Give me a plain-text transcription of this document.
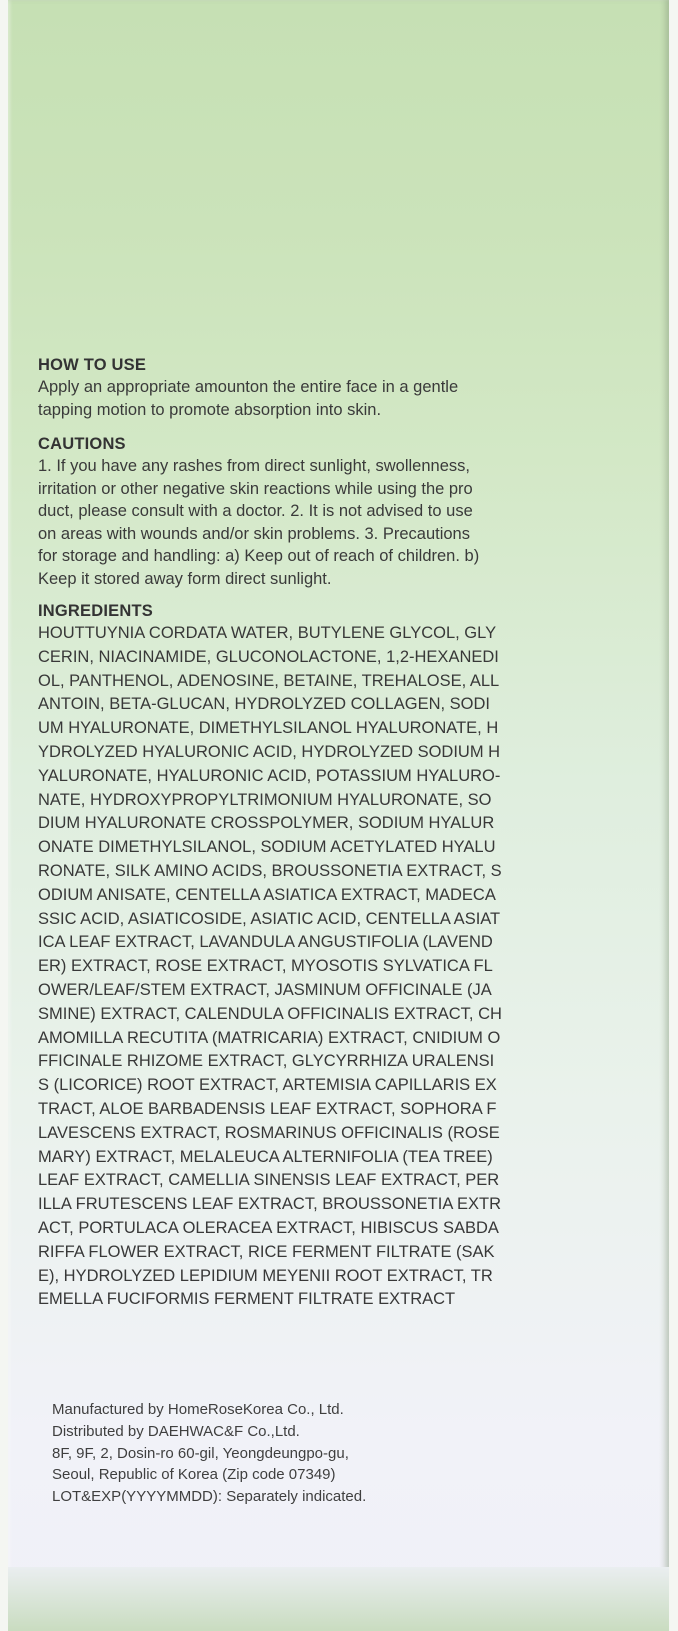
HOW TO USE

Apply an appropriate amounton the entire face in a gentle

tapping motion to promote absorption into skin.

CAUTIONS

1. If you have any rashes from direct sunlight, swollenness,

irritation or other negative skin reactions while using the pro

duct, please consult with a doctor. 2. It is not advised to use

on areas with wounds and/or skin problems. 3. Precautions

for storage and handling: a) Keep out of reach of children. b)

Keep it stored away form direct sunlight.

INGREDIENTS
HOUTTUYNIA CORDATA WATER, BUTYLENE GLYCOL, GLY
CERIN, NIACINAMIDE, GLUCONOLACTONE, 1,2-HEXANEDI
OL, PANTHENOL, ADENOSINE, BETAINE, TREHALOSE, ALL
ANTOIN, BETA-GLUCAN, HYDROLYZED COLLAGEN, SODI
UM HYALURONATE, DIMETHYLSILANOL HYALURONATE, H
YDROLYZED HYALURONIC ACID, HYDROLYZED SODIUM H
YALURONATE, HYALURONIC ACID, POTASSIUM HYALURO-
NATE, HYDROXYPROPYLTRIMONIUM HYALURONATE, SO
DIUM HYALURONATE CROSSPOLYMER, SODIUM HYALUR
ONATE DIMETHYLSILANOL, SODIUM ACETYLATED HYALU
RONATE, SILK AMINO ACIDS, BROUSSONETIA EXTRACT, S
ODIUM ANISATE, CENTELLA ASIATICA EXTRACT, MADECA
SSIC ACID, ASIATICOSIDE, ASIATIC ACID, CENTELLA ASIAT
ICA LEAF EXTRACT, LAVANDULA ANGUSTIFOLIA (LAVEND
ER) EXTRACT, ROSE EXTRACT, MYOSOTIS SYLVATICA FL
OWER/LEAF/STEM EXTRACT, JASMINUM OFFICINALE (JA
SMINE) EXTRACT, CALENDULA OFFICINALIS EXTRACT, CH
AMOMILLA RECUTITA (MATRICARIA) EXTRACT, CNIDIUM O
FFICINALE RHIZOME EXTRACT, GLYCYRRHIZA URALENSI
S (LICORICE) ROOT EXTRACT, ARTEMISIA CAPILLARIS EX
TRACT, ALOE BARBADENSIS LEAF EXTRACT, SOPHORA F
LAVESCENS EXTRACT, ROSMARINUS OFFICINALIS (ROSE
MARY) EXTRACT, MELALEUCA ALTERNIFOLIA (TEA TREE)
LEAF EXTRACT, CAMELLIA SINENSIS LEAF EXTRACT, PER
ILLA FRUTESCENS LEAF EXTRACT, BROUSSONETIA EXTR
ACT, PORTULACA OLERACEA EXTRACT, HIBISCUS SABDA
RIFFA FLOWER EXTRACT, RICE FERMENT FILTRATE (SAK
E), HYDROLYZED LEPIDIUM MEYENII ROOT EXTRACT, TR
EMELLA FUCIFORMIS FERMENT FILTRATE EXTRACT
Manufactured by HomeRoseKorea Co., Ltd.
Distributed by DAEHWAC&F Co.,Ltd.
8F, 9F, 2, Dosin-ro 60-gil, Yeongdeungpo-gu,
Seoul, Republic of Korea (Zip code 07349)
LOT&EXP(YYYYMMDD): Separately indicated.
